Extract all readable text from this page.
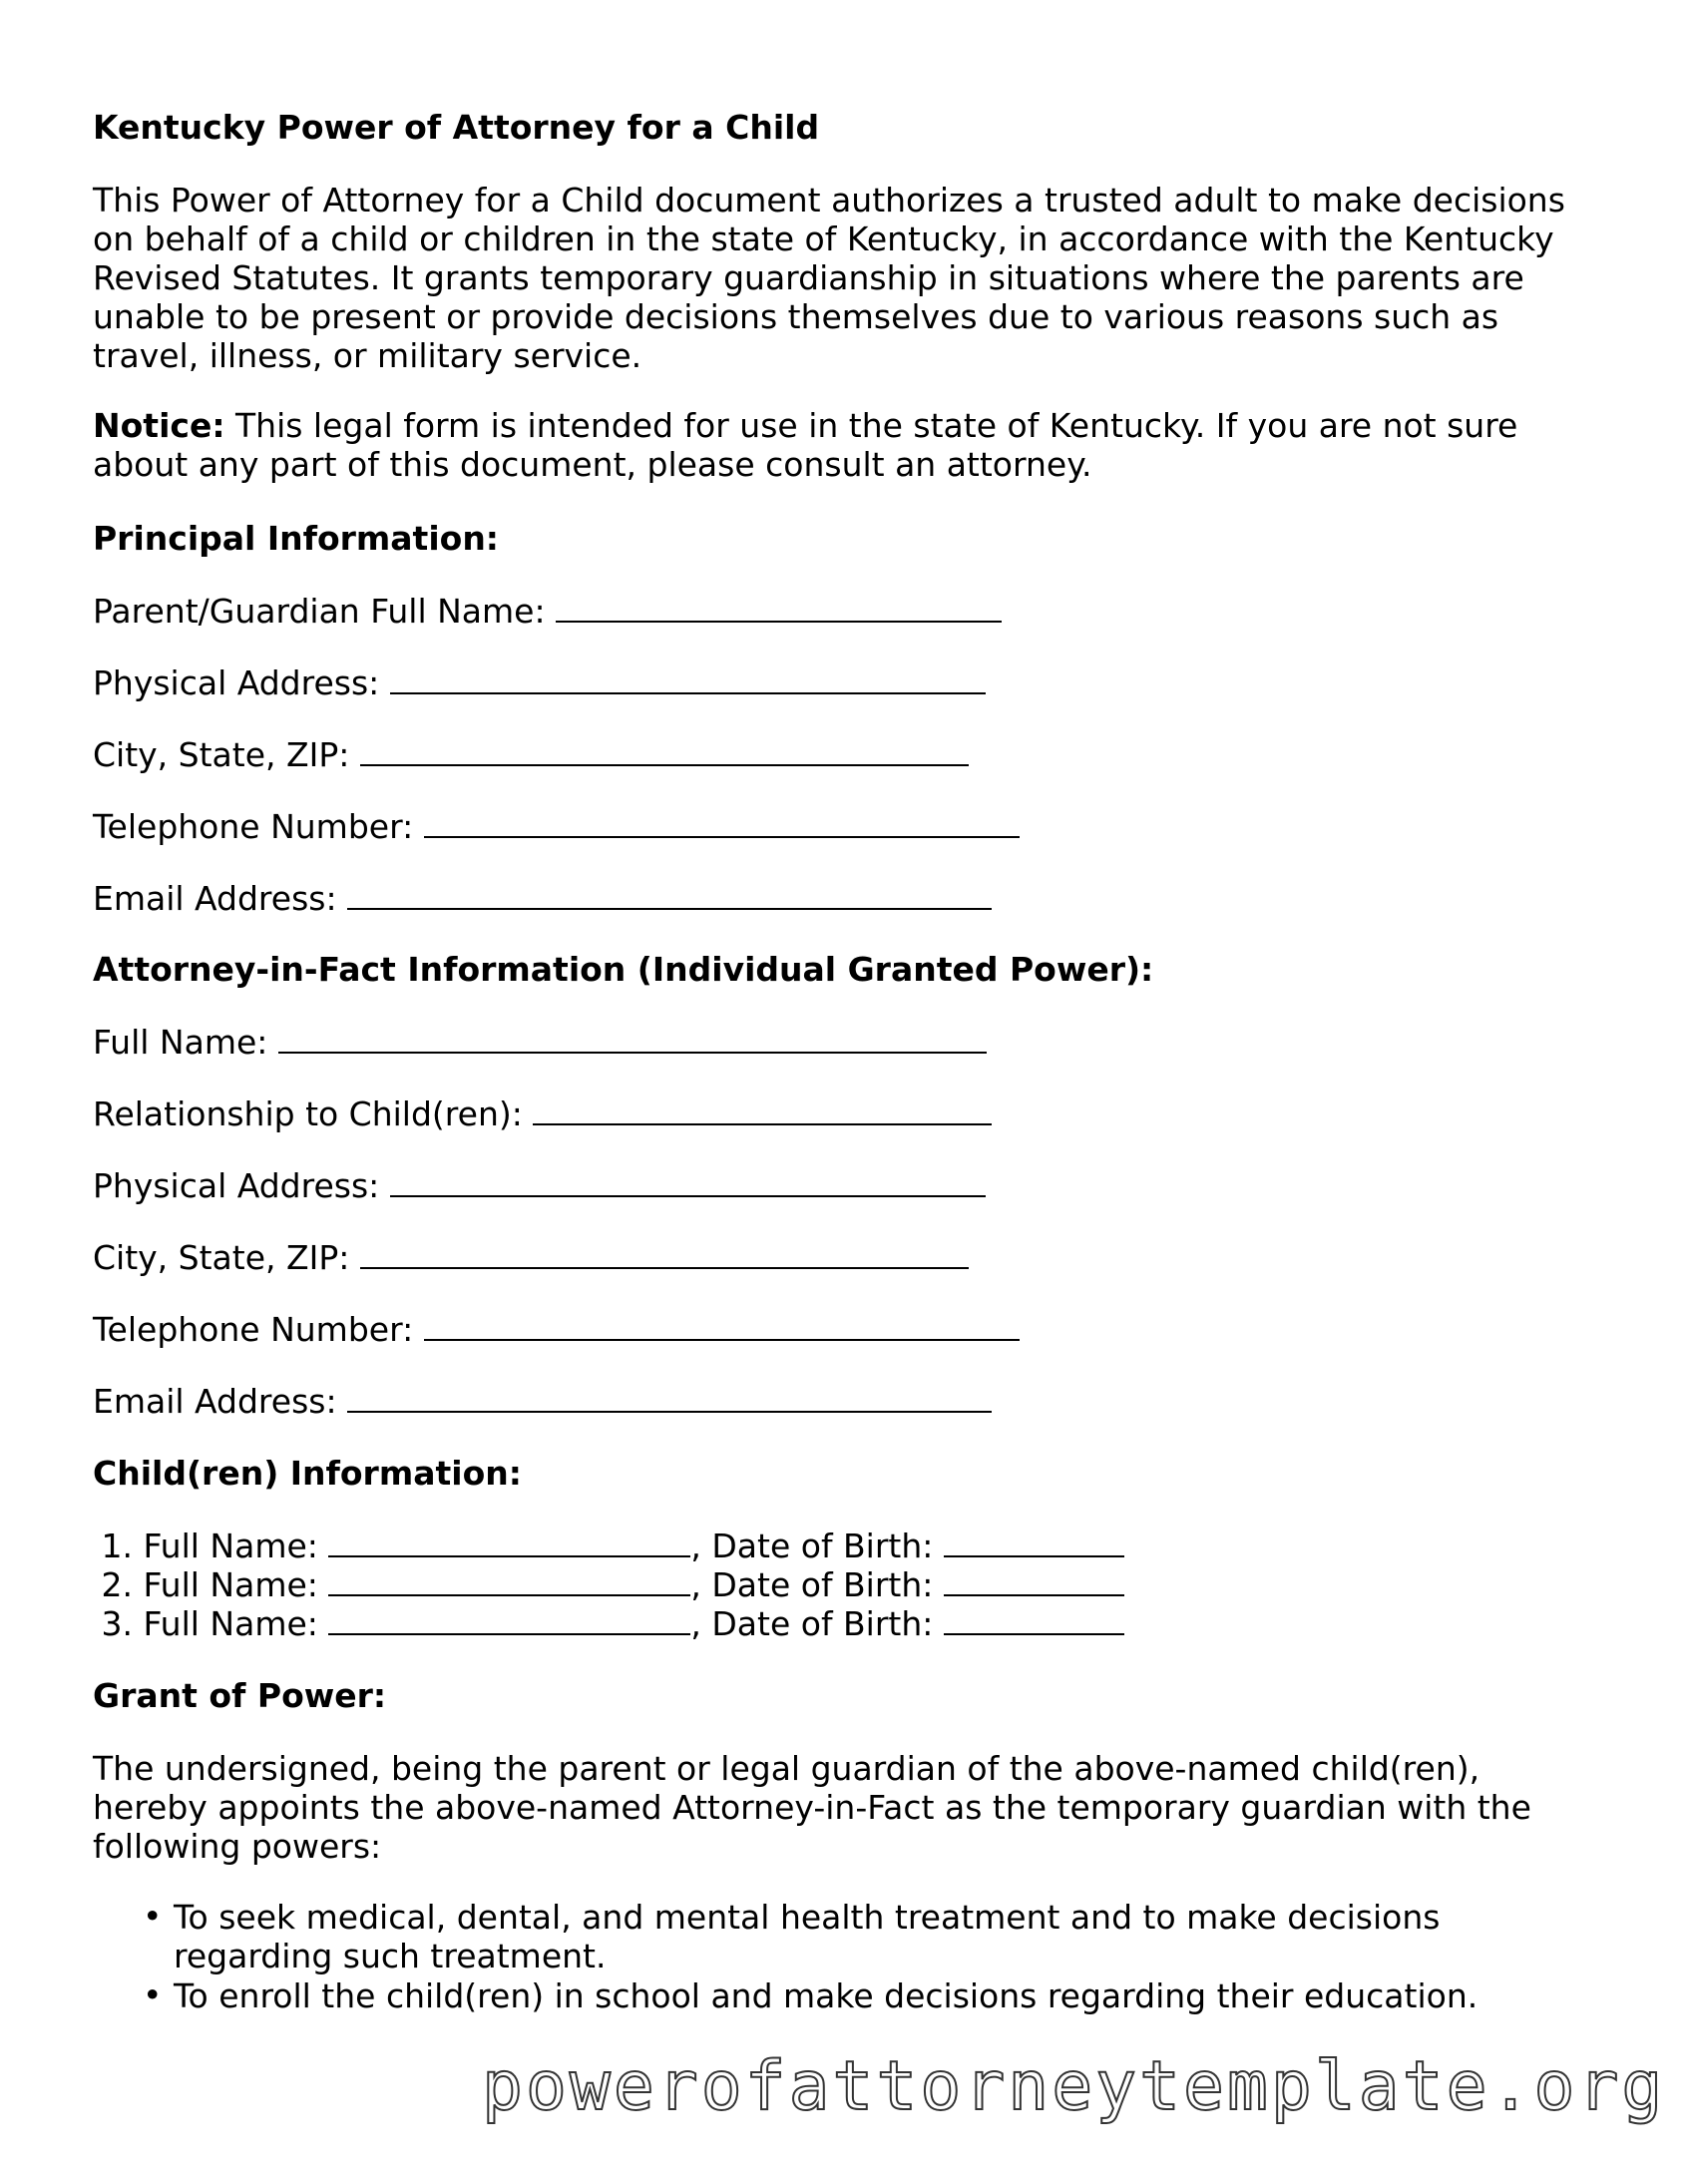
Kentucky Power of Attorney for a Child
This Power of Attorney for a Child document authorizes a trusted adult to make decisions
on behalf of a child or children in the state of Kentucky, in accordance with the Kentucky
Revised Statutes. It grants temporary guardianship in situations where the parents are
unable to be present or provide decisions themselves due to various reasons such as
travel, illness, or military service.
Notice: This legal form is intended for use in the state of Kentucky. If you are not sure
about any part of this document, please consult an attorney.
Principal Information:
Parent/Guardian Full Name:
Physical Address:
City, State, ZIP:
Telephone Number:
Email Address:
Attorney-in-Fact Information (Individual Granted Power):
Full Name:
Relationship to Child(ren):
Physical Address:
City, State, ZIP:
Telephone Number:
Email Address:
Child(ren) Information:
1. Full Name:	, Date of Birth:
2. Full Name:	, Date of Birth:
3. Full Name:	, Date of Birth:
Grant of Power:
The undersigned, being the parent or legal guardian of the above-named child(ren),
hereby appoints the above-named Attorney-in-Fact as the temporary guardian with the
following powers:
• To seek medical, dental, and mental health treatment and to make decisions
regarding such treatment.
• To enroll the child(ren) in school and make decisions regarding their education.
powerofattorneytemplate.org
